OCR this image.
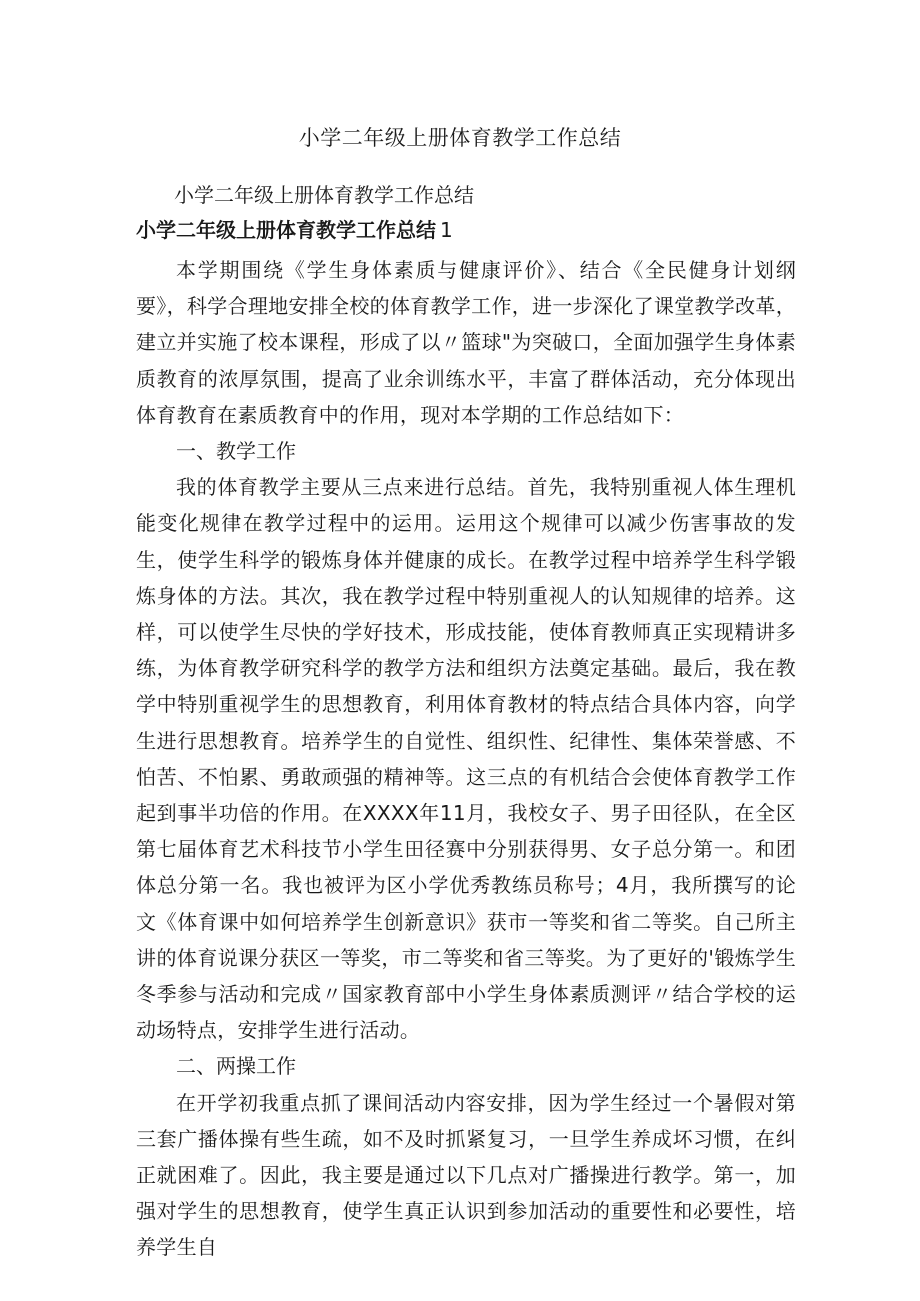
小学二年级上册体育教学工作总结

小学二年级上册体育教学工作总结

小学二年级上册体育教学工作总结 1

本学期围绕《学生身体素质与健康评价》、结合《全民健身计划纲要》，科学合理地安排全校的体育教学工作，进一步深化了课堂教学改革，建立并实施了校本课程，形成了以〃篮球"为突破口，全面加强学生身体素质教育的浓厚氛围，提高了业余训练水平，丰富了群体活动，充分体现出体育教育在素质教育中的作用，现对本学期的工作总结如下：

一、教学工作

我的体育教学主要从三点来进行总结。首先，我特别重视人体生理机能变化规律在教学过程中的运用。运用这个规律可以减少伤害事故的发生，使学生科学的锻炼身体并健康的成长。在教学过程中培养学生科学锻炼身体的方法。其次，我在教学过程中特别重视人的认知规律的培养。这样，可以使学生尽快的学好技术，形成技能，使体育教师真正实现精讲多练，为体育教学研究科学的教学方法和组织方法奠定基础。最后，我在教学中特别重视学生的思想教育，利用体育教材的特点结合具体内容，向学生进行思想教育。培养学生的自觉性、组织性、纪律性、集体荣誉感、不怕苦、不怕累、勇敢顽强的精神等。这三点的有机结合会使体育教学工作起到事半功倍的作用。在XXXX年11月，我校女子、男子田径队，在全区第七届体育艺术科技节小学生田径赛中分别获得男、女子总分第一。和团体总分第一名。我也被评为区小学优秀教练员称号；4月，我所撰写的论文《体育课中如何培养学生创新意识》获市一等奖和省二等奖。自己所主讲的体育说课分获区一等奖，市二等奖和省三等奖。为了更好的'锻炼学生冬季参与活动和完成〃国家教育部中小学生身体素质测评〃结合学校的运动场特点，安排学生进行活动。

二、两操工作

在开学初我重点抓了课间活动内容安排，因为学生经过一个暑假对第三套广播体操有些生疏，如不及时抓紧复习，一旦学生养成坏习惯，在纠正就困难了。因此，我主要是通过以下几点对广播操进行教学。第一，加强对学生的思想教育，使学生真正认识到参加活动的重要性和必要性，培养学生自
